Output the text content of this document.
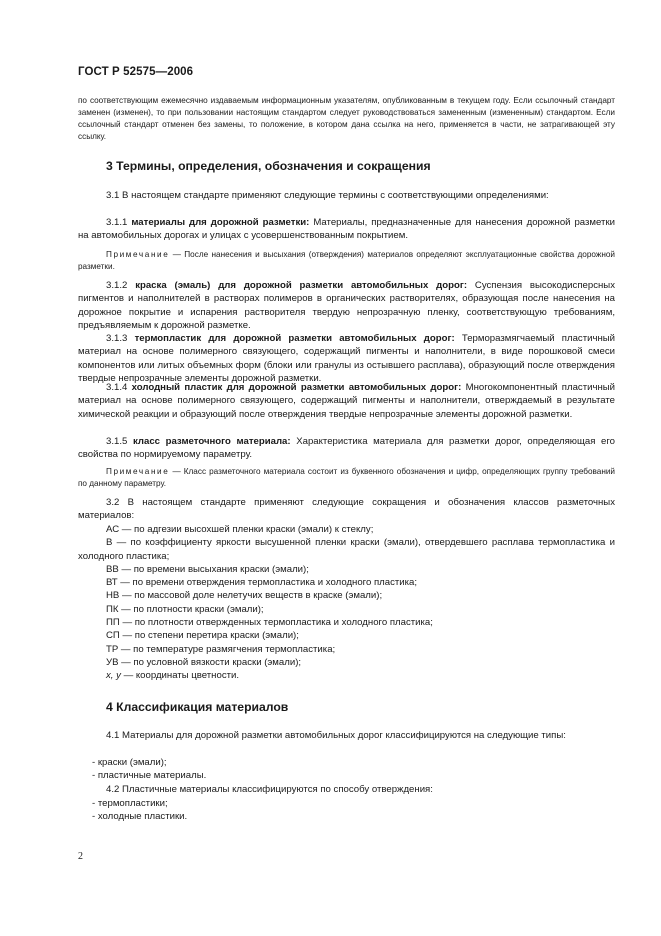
ГОСТ Р 52575—2006
по соответствующим ежемесячно издаваемым информационным указателям, опубликованным в текущем году. Если ссылочный стандарт заменен (изменен), то при пользовании настоящим стандартом следует руководствоваться замененным (измененным) стандартом. Если ссылочный стандарт отменен без замены, то положение, в котором дана ссылка на него, применяется в части, не затрагивающей эту ссылку.
3 Термины, определения, обозначения и сокращения
3.1 В настоящем стандарте применяют следующие термины с соответствующими определениями:
3.1.1 материалы для дорожной разметки: Материалы, предназначенные для нанесения дорожной разметки на автомобильных дорогах и улицах с усовершенствованным покрытием.
Примечание — После нанесения и высыхания (отверждения) материалов определяют эксплуатационные свойства дорожной разметки.
3.1.2 краска (эмаль) для дорожной разметки автомобильных дорог: Суспензия высокодисперсных пигментов и наполнителей в растворах полимеров в органических растворителях, образующая после нанесения на дорожное покрытие и испарения растворителя твердую непрозрачную пленку, соответствующую требованиям, предъявляемым к дорожной разметке.
3.1.3 термопластик для дорожной разметки автомобильных дорог: Терморазмягчаемый пластичный материал на основе полимерного связующего, содержащий пигменты и наполнители, в виде порошковой смеси компонентов или литых объемных форм (блоки или гранулы из остывшего расплава), образующий после отверждения твердые непрозрачные элементы дорожной разметки.
3.1.4 холодный пластик для дорожной разметки автомобильных дорог: Многокомпонентный пластичный материал на основе полимерного связующего, содержащий пигменты и наполнители, отверждаемый в результате химической реакции и образующий после отверждения твердые непрозрачные элементы дорожной разметки.
3.1.5 класс разметочного материала: Характеристика материала для разметки дорог, определяющая его свойства по нормируемому параметру.
Примечание — Класс разметочного материала состоит из буквенного обозначения и цифр, определяющих группу требований по данному параметру.
3.2 В настоящем стандарте применяют следующие сокращения и обозначения классов разметочных материалов:
АС — по адгезии высохшей пленки краски (эмали) к стеклу;
В — по коэффициенту яркости высушенной пленки краски (эмали), отвердевшего расплава термопластика и холодного пластика;
ВВ — по времени высыхания краски (эмали);
ВТ — по времени отверждения термопластика и холодного пластика;
НВ — по массовой доле нелетучих веществ в краске (эмали);
ПК — по плотности краски (эмали);
ПП — по плотности отвержденных термопластика и холодного пластика;
СП — по степени перетира краски (эмали);
ТР — по температуре размягчения термопластика;
УВ — по условной вязкости краски (эмали);
x, y — координаты цветности.
4 Классификация материалов
4.1 Материалы для дорожной разметки автомобильных дорог классифицируются на следующие типы:
- краски (эмали);
- пластичные материалы.
4.2 Пластичные материалы классифицируются по способу отверждения:
- термопластики;
- холодные пластики.
2
